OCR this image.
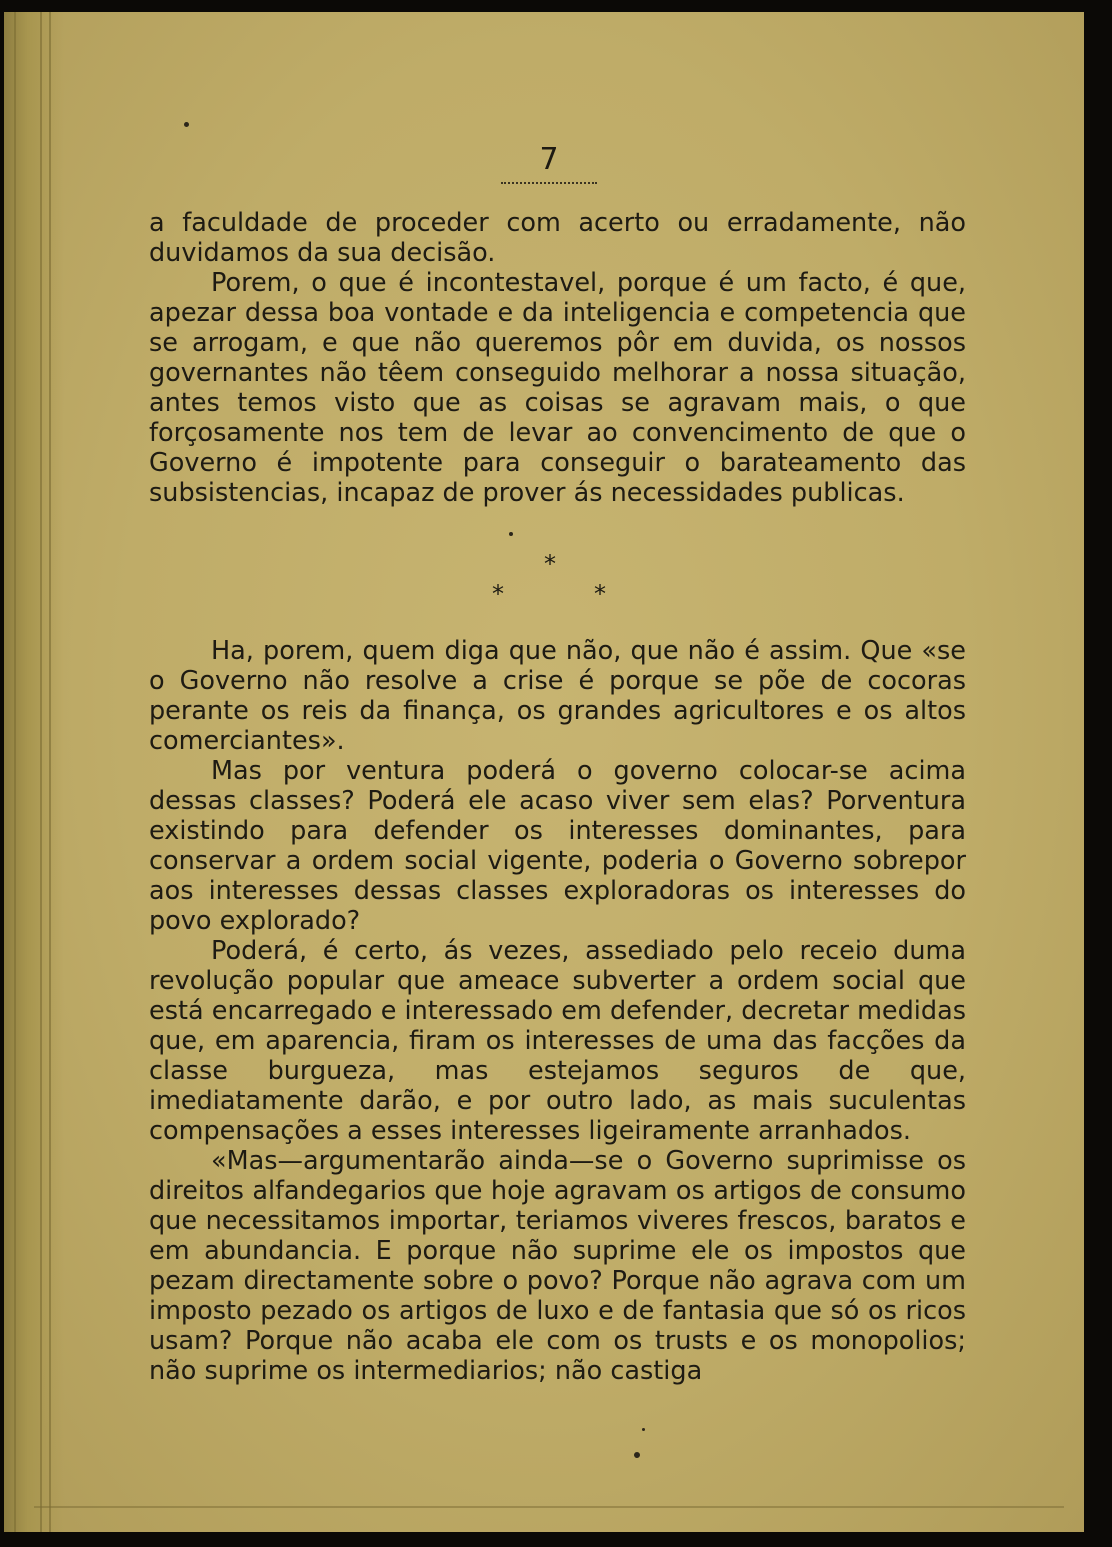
7

a faculdade de proceder com acerto ou erradamente, não duvidamos da sua decisão.

Porem, o que é incontestavel, porque é um facto, é que, apezar dessa boa vontade e da inteligencia e competencia que se arrogam, e que não queremos pôr em duvida, os nossos governantes não têem conseguido melhorar a nossa situação, antes temos visto que as coisas se agravam mais, o que forçosamente nos tem de levar ao convencimento de que o Governo é impotente para conseguir o barateamento das subsistencias, incapaz de prover ás necessidades publicas.

*
*	*

Ha, porem, quem diga que não, que não é assim. Que «se o Governo não resolve a crise é porque se põe de cocoras perante os reis da finança, os grandes agricultores e os altos comerciantes».

Mas por ventura poderá o governo colocar-se acima dessas classes? Poderá ele acaso viver sem elas? Porventura existindo para defender os interesses dominantes, para conservar a ordem social vigente, poderia o Governo sobrepor aos interesses dessas classes exploradoras os interesses do povo explorado?

Poderá, é certo, ás vezes, assediado pelo receio duma revolução popular que ameace subverter a ordem social que está encarregado e interessado em defender, decretar medidas que, em aparencia, firam os interesses de uma das facções da classe burgueza, mas estejamos seguros de que, imediatamente darão, e por outro lado, as mais suculentas compensações a esses interesses ligeiramente arranhados.

«Mas—argumentarão ainda—se o Governo suprimisse os direitos alfandegarios que hoje agravam os artigos de consumo que necessitamos importar, teriamos viveres frescos, baratos e em abundancia. E porque não suprime ele os impostos que pezam directamente sobre o povo? Porque não agrava com um imposto pezado os artigos de luxo e de fantasia que só os ricos usam? Porque não acaba ele com os trusts e os monopolios; não suprime os intermediarios; não castiga
